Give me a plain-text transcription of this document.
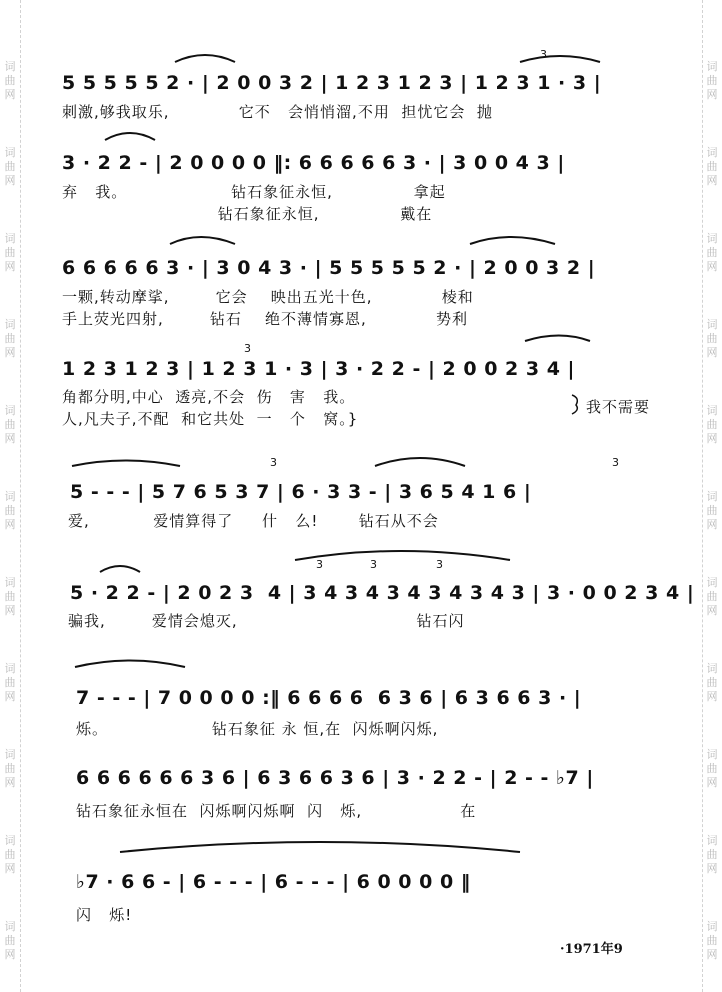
词
曲
网
词
曲
网
词
曲
网
词
曲
网
词
曲
网
词
曲
网
词
曲
网
词
曲
网
词
曲
网
词
曲
网
词
曲
网
词
曲
网
词
曲
网
词
曲
网
词
曲
网
词
曲
网
词
曲
网
词
曲
网
词
曲
网
词
曲
网
词
曲
网
词
曲
网
5 5 5 5 5 2 · | 2 0 0 3 2 | 1 2 3 1 2 3 | 1 2 3 1 · 3 |
刺激,够我取乐,            它不   会悄悄溜,不用  担忧它会  抛
3 · 2 2 - | 2 0 0 0 0 ‖: 6 6 6 6 6 3 · | 3 0 0 4 3 |
弃   我。                  钻石象征永恒,              拿起
钻石象征永恒,              戴在
6 6 6 6 6 3 · | 3 0 4 3 · | 5 5 5 5 5 2 · | 2 0 0 3 2 |
一颗,转动摩挲,        它会    映出五光十色,            棱和
手上荧光四射,        钻石    绝不薄情寡恩,            势利
1 2 3 1 2 3 | 1 2 3 1 · 3 | 3 · 2 2 - | 2 0 0 2 3 4 |
角都分明,中心  透亮,不会  伤   害   我。
人,凡夫子,不配  和它共处  一   个   窝。}
我不需要
5 - - - | 5 7 6 5 3 7 | 6 · 3 3 - | 3 6 5 4 1 6 |
爱,           爱情算得了     什   么!       钻石从不会
5 · 2 2 - | 2 0 2 3  4 | 3 4 3 4 3 4 3 4 3 4 3 | 3 · 0 0 2 3 4 |
骗我,        爱情会熄灭,                               钻石闪
7 - - - | 7 0 0 0 0 :‖ 6 6 6 6  6 3 6 | 6 3 6 6 3 · |
烁。                  钻石象征 永 恒,在  闪烁啊闪烁,
6 6 6 6 6 6 3 6 | 6 3 6 6 3 6 | 3 · 2 2 - | 2 - - ♭7 |
钻石象征永恒在  闪烁啊闪烁啊  闪   烁,                 在
♭7 · 6 6 - | 6 - - - | 6 - - - | 6 0 0 0 0 ‖
闪   烁!
·1971年9
3
3
3	3
3	3	3
